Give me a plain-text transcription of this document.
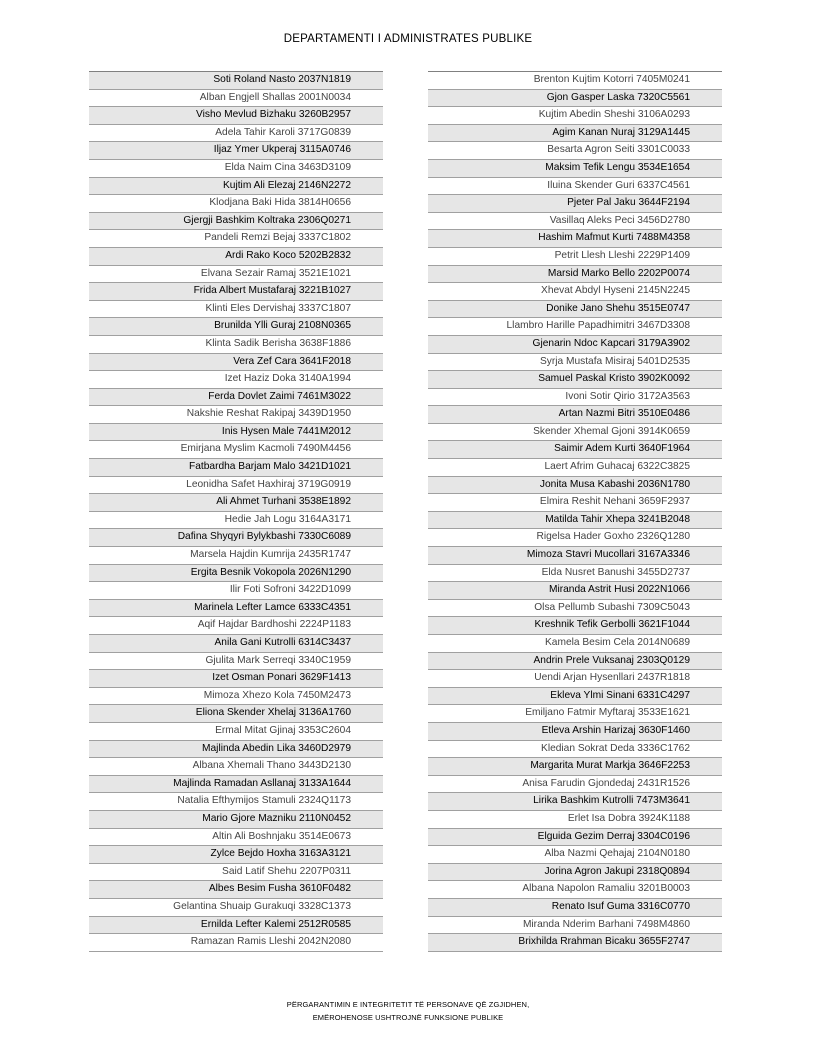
DEPARTAMENTI I ADMINISTRATES PUBLIKE
Soti Roland Nasto 2037N1819
Alban Engjell Shallas 2001N0034
Visho Mevlud Bizhaku 3260B2957
Adela Tahir Karoli 3717G0839
Iljaz Ymer Ukperaj 3115A0746
Elda Naim Cina 3463D3109
Kujtim Ali Elezaj 2146N2272
Klodjana Baki Hida 3814H0656
Gjergji Bashkim Koltraka 2306Q0271
Pandeli Remzi Bejaj 3337C1802
Ardi Rako Koco 5202B2832
Elvana Sezair Ramaj 3521E1021
Frida Albert Mustafaraj 3221B1027
Klinti Eles Dervishaj 3337C1807
Brunilda Ylli Guraj 2108N0365
Klinta Sadik Berisha 3638F1886
Vera Zef Cara 3641F2018
Izet Haziz Doka 3140A1994
Ferda Dovlet Zaimi 7461M3022
Nakshie Reshat Rakipaj 3439D1950
Inis Hysen Male 7441M2012
Emirjana Myslim Kacmoli 7490M4456
Fatbardha Barjam Malo 3421D1021
Leonidha Safet Haxhiraj 3719G0919
Ali Ahmet Turhani 3538E1892
Hedie Jah Logu 3164A3171
Dafina Shyqyri Bylykbashi 7330C6089
Marsela Hajdin Kumrija 2435R1747
Ergita Besnik Vokopola 2026N1290
Ilir Foti Sofroni 3422D1099
Marinela Lefter Lamce 6333C4351
Aqif Hajdar Bardhoshi 2224P1183
Anila Gani Kutrolli 6314C3437
Gjulita Mark Serreqi 3340C1959
Izet Osman Ponari 3629F1413
Mimoza Xhezo Kola 7450M2473
Eliona Skender Xhelaj 3136A1760
Ermal Mitat Gjinaj 3353C2604
Majlinda Abedin Lika 3460D2979
Albana Xhemali Thano 3443D2130
Majlinda Ramadan Asllanaj 3133A1644
Natalia Efthymijos Stamuli 2324Q1173
Mario Gjore Mazniku 2110N0452
Altin Ali Boshnjaku 3514E0673
Zylce Bejdo Hoxha 3163A3121
Said Latif Shehu 2207P0311
Albes Besim Fusha 3610F0482
Gelantina Shuaip Gurakuqi 3328C1373
Ernilda Lefter Kalemi 2512R0585
Ramazan Ramis Lleshi 2042N2080
Brenton Kujtim Kotorri 7405M0241
Gjon Gasper Laska 7320C5561
Kujtim Abedin Sheshi 3106A0293
Agim Kanan Nuraj 3129A1445
Besarta Agron Seiti 3301C0033
Maksim Tefik Lengu 3534E1654
Iluina Skender Guri 6337C4561
Pjeter Pal Jaku 3644F2194
Vasillaq Aleks Peci 3456D2780
Hashim Mafmut Kurti 7488M4358
Petrit Llesh Lleshi 2229P1409
Marsid Marko Bello 2202P0074
Xhevat Abdyl Hyseni 2145N2245
Donike Jano Shehu 3515E0747
Llambro Harille Papadhimitri 3467D3308
Gjenarin Ndoc Kapcari 3179A3902
Syrja Mustafa Misiraj 5401D2535
Samuel Paskal Kristo 3902K0092
Ivoni Sotir Qirio 3172A3563
Artan Nazmi Bitri 3510E0486
Skender Xhemal Gjoni 3914K0659
Saimir Adem Kurti 3640F1964
Laert Afrim Guhacaj 6322C3825
Jonita Musa Kabashi 2036N1780
Elmira Reshit Nehani 3659F2937
Matilda Tahir Xhepa 3241B2048
Rigelsa Hader Goxho 2326Q1280
Mimoza Stavri Mucollari 3167A3346
Elda Nusret Banushi 3455D2737
Miranda Astrit Husi 2022N1066
Olsa Pellumb Subashi 7309C5043
Kreshnik Tefik Gerbolli 3621F1044
Kamela Besim Cela 2014N0689
Andrin Prele Vuksanaj 2303Q0129
Uendi Arjan Hysenllari 2437R1818
Ekleva Ylmi Sinani 6331C4297
Emiljano Fatmir Myftaraj 3533E1621
Etleva Arshin Harizaj 3630F1460
Kledian Sokrat Deda 3336C1762
Margarita Murat Markja 3646F2253
Anisa Farudin Gjondedaj 2431R1526
Lirika Bashkim Kutrolli 7473M3641
Erlet Isa Dobra 3924K1188
Elguida Gezim Derraj 3304C0196
Alba Nazmi Qehajaj 2104N0180
Jorina Agron Jakupi 2318Q0894
Albana Napolon Ramaliu 3201B0003
Renato Isuf Guma 3316C0770
Miranda Nderim Barhani 7498M4860
Brixhilda Rrahman Bicaku 3655F2747
PËRGARANTIMIN E INTEGRITETIT TË PERSONAVE QË ZGJIDHEN,
EMËROHENOSE USHTROJNË FUNKSIONE PUBLIKE
